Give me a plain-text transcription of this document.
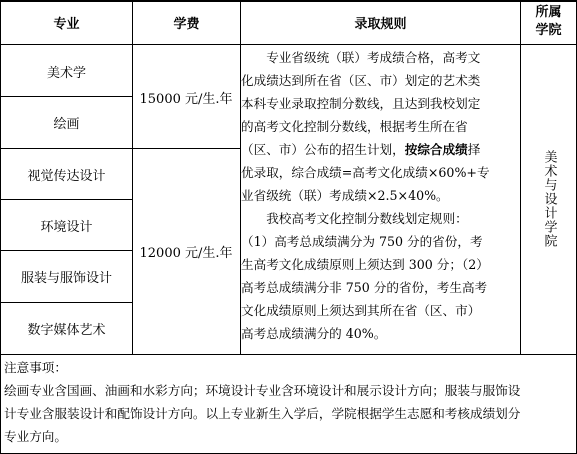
专业	学费	录取规则
所属
学院
美术学
绘画
视觉传达设计
环境设计
服装与服饰设计
数字媒体艺术
15000 元/生.年
12000 元/生.年

专业省级统（联）考成绩合格，高考文

化成绩达到所在省（区、市）划定的艺术类

本科专业录取控制分数线，且达到我校划定

的高考文化控制分数线，根据考生所在省

（区、市）公布的招生计划，按综合成绩择

优录取，综合成绩=高考文化成绩×60%+专

业省级统（联）考成绩×2.5×40%。

我校高考文化控制分数线划定规则：

（1）高考总成绩满分为 750 分的省份，考

生高考文化成绩原则上须达到 300 分；（2）

高考总成绩满分非 750 分的省份，考生高考

文化成绩原则上须达到其所在省（区、市）

高考总成绩满分的 40%。

美术与设计学院
注意事项：
绘画专业含国画、油画和水彩方向；环境设计专业含环境设计和展示设计方向；服装与服饰设
计专业含服装设计和配饰设计方向。以上专业新生入学后，学院根据学生志愿和考核成绩划分
专业方向。
